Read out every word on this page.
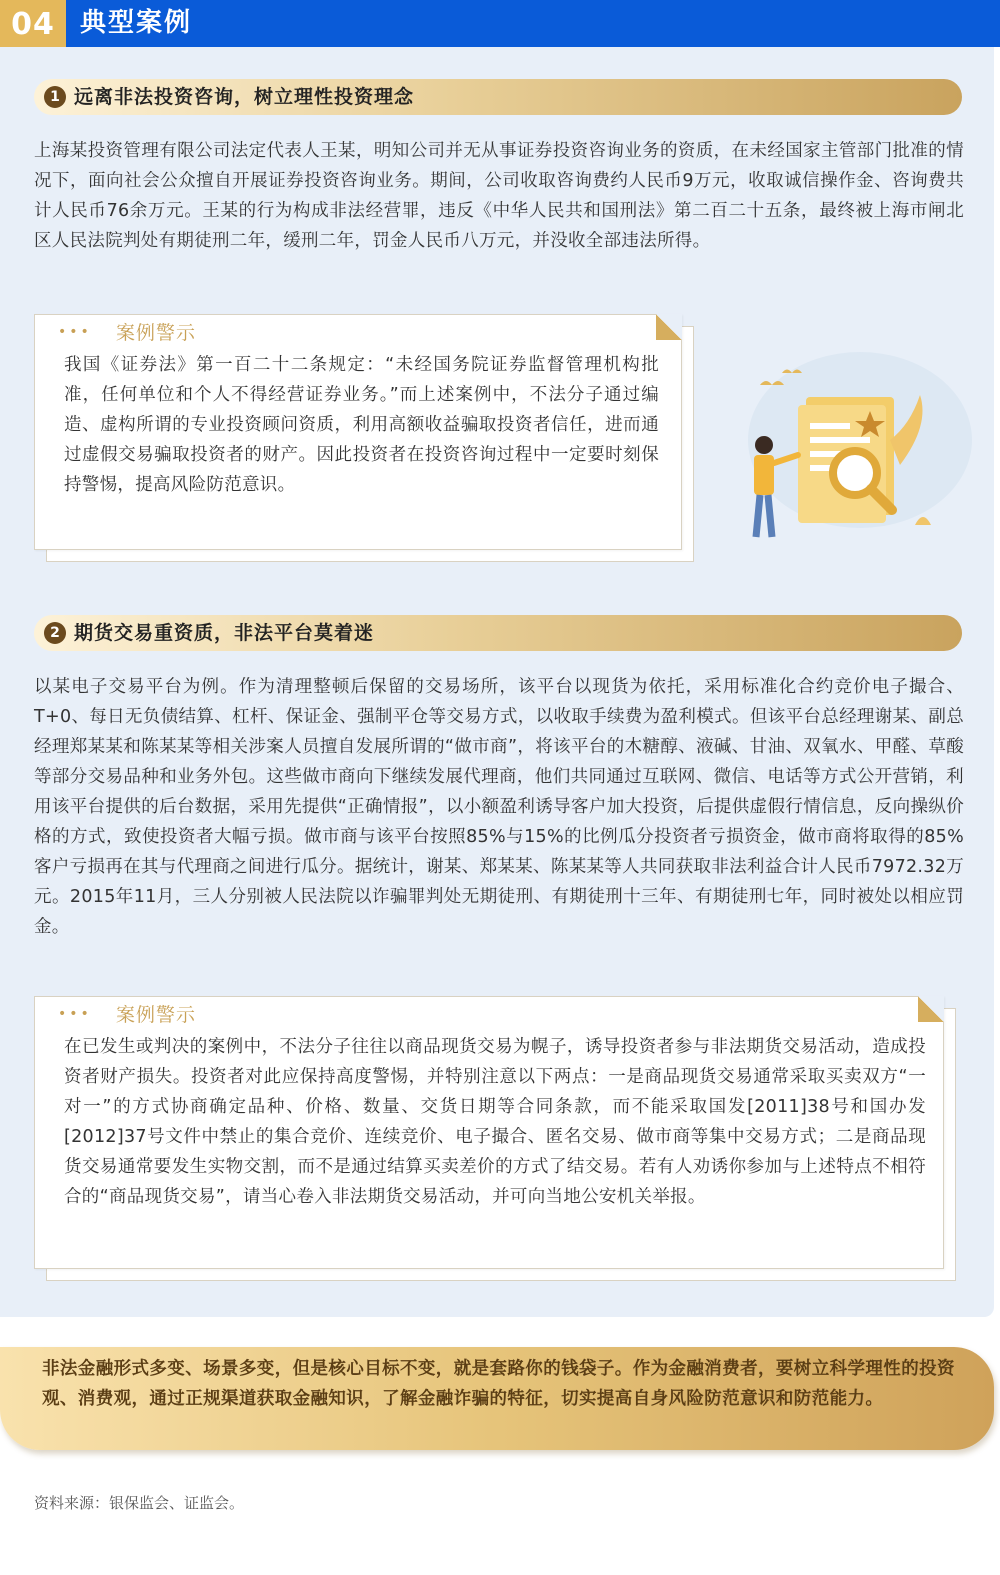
04 典型案例
1 远离非法投资咨询，树立理性投资理念
上海某投资管理有限公司法定代表人王某，明知公司并无从事证券投资咨询业务的资质，在未经国家主管部门批准的情况下，面向社会公众擅自开展证券投资咨询业务。期间，公司收取咨询费约人民币9万元，收取诚信操作金、咨询费共计人民币76余万元。王某的行为构成非法经营罪，违反《中华人民共和国刑法》第二百二十五条，最终被上海市闸北区人民法院判处有期徒刑二年，缓刑二年，罚金人民币八万元，并没收全部违法所得。
••• 案例警示
我国《证券法》第一百二十二条规定：“未经国务院证券监督管理机构批准，任何单位和个人不得经营证券业务。”而上述案例中，不法分子通过编造、虚构所谓的专业投资顾问资质，利用高额收益骗取投资者信任，进而通过虚假交易骗取投资者的财产。因此投资者在投资咨询过程中一定要时刻保持警惕，提高风险防范意识。
2 期货交易重资质，非法平台莫着迷
以某电子交易平台为例。作为清理整顿后保留的交易场所，该平台以现货为依托，采用标准化合约竞价电子撮合、T+0、每日无负债结算、杠杆、保证金、强制平仓等交易方式，以收取手续费为盈利模式。但该平台总经理谢某、副总经理郑某某和陈某某等相关涉案人员擅自发展所谓的“做市商”，将该平台的木糖醇、液碱、甘油、双氧水、甲醛、草酸等部分交易品种和业务外包。这些做市商向下继续发展代理商，他们共同通过互联网、微信、电话等方式公开营销，利用该平台提供的后台数据，采用先提供“正确情报”，以小额盈利诱导客户加大投资，后提供虚假行情信息，反向操纵价格的方式，致使投资者大幅亏损。做市商与该平台按照85%与15%的比例瓜分投资者亏损资金，做市商将取得的85%客户亏损再在其与代理商之间进行瓜分。据统计，谢某、郑某某、陈某某等人共同获取非法利益合计人民币7972.32万元。2015年11月，三人分别被人民法院以诈骗罪判处无期徒刑、有期徒刑十三年、有期徒刑七年，同时被处以相应罚金。
••• 案例警示
在已发生或判决的案例中，不法分子往往以商品现货交易为幌子，诱导投资者参与非法期货交易活动，造成投资者财产损失。投资者对此应保持高度警惕，并特别注意以下两点：一是商品现货交易通常采取买卖双方“一对一”的方式协商确定品种、价格、数量、交货日期等合同条款，而不能采取国发[2011]38号和国办发[2012]37号文件中禁止的集合竞价、连续竞价、电子撮合、匿名交易、做市商等集中交易方式；二是商品现货交易通常要发生实物交割，而不是通过结算买卖差价的方式了结交易。若有人劝诱你参加与上述特点不相符合的“商品现货交易”，请当心卷入非法期货交易活动，并可向当地公安机关举报。
非法金融形式多变、场景多变，但是核心目标不变，就是套路你的钱袋子。作为金融消费者，要树立科学理性的投资观、消费观，通过正规渠道获取金融知识，了解金融诈骗的特征，切实提高自身风险防范意识和防范能力。
资料来源：银保监会、证监会。
